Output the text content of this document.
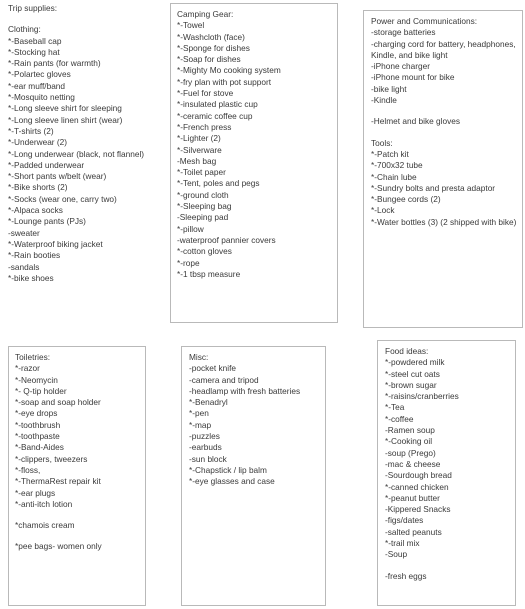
Trip supplies:
Clothing:
*-Baseball cap
*-Stocking hat
*-Rain pants (for warmth)
*-Polartec gloves
*-ear muff/band
*-Mosquito netting
*-Long sleeve shirt for sleeping
*-Long sleeve linen shirt (wear)
*-T-shirts (2)
*-Underwear (2)
*-Long underwear (black, not flannel)
*-Padded underwear
*-Short pants w/belt (wear)
*-Bike shorts (2)
*-Socks (wear one, carry two)
*-Alpaca socks
*-Lounge pants (PJs)
-sweater
*-Waterproof biking jacket
*-Rain booties
-sandals
*-bike shoes
Camping Gear:
*-Towel
*-Washcloth (face)
*-Sponge for dishes
*-Soap for dishes
*-Mighty Mo cooking system
*-fry plan with pot support
*-Fuel for stove
*-insulated plastic cup
*-ceramic coffee cup
*-French press
*-Lighter (2)
*-Silverware
-Mesh bag
*-Toilet paper
*-Tent, poles and pegs
*-ground cloth
*-Sleeping bag
-Sleeping pad
*-pillow
-waterproof pannier covers
*-cotton gloves
*-rope
*-1 tbsp measure
Power and Communications:
-storage batteries
-charging cord for battery, headphones, Kindle, and bike light
-iPhone charger
-iPhone mount for bike
-bike light
-Kindle
-Helmet and bike gloves
Tools:
*-Patch kit
*-700x32 tube
*-Chain lube
*-Sundry bolts and presta adaptor
*-Bungee cords (2)
*-Lock
*-Water bottles (3) (2 shipped with bike)
Toiletries:
*-razor
*-Neomycin
*- Q-tip holder
*-soap and soap holder
*-eye drops
*-toothbrush
*-toothpaste
*-Band-Aides
*-clippers, tweezers
*-floss,
*-ThermaRest repair kit
*-ear plugs
*-anti-itch lotion
*chamois cream
*pee bags- women only
Misc:
-pocket knife
-camera and tripod
-headlamp with fresh batteries
*-Benadryl
*-pen
*-map
-puzzles
-earbuds
-sun block
*-Chapstick / lip balm
*-eye glasses and case
Food ideas:
*-powdered milk
*-steel cut oats
*-brown sugar
*-raisins/cranberries
*-Tea
*-coffee
-Ramen soup
*-Cooking oil
-soup (Prego)
-mac & cheese
-Sourdough bread
*-canned chicken
*-peanut butter
-Kippered Snacks
-figs/dates
-salted peanuts
*-trail mix
-Soup
-fresh eggs
